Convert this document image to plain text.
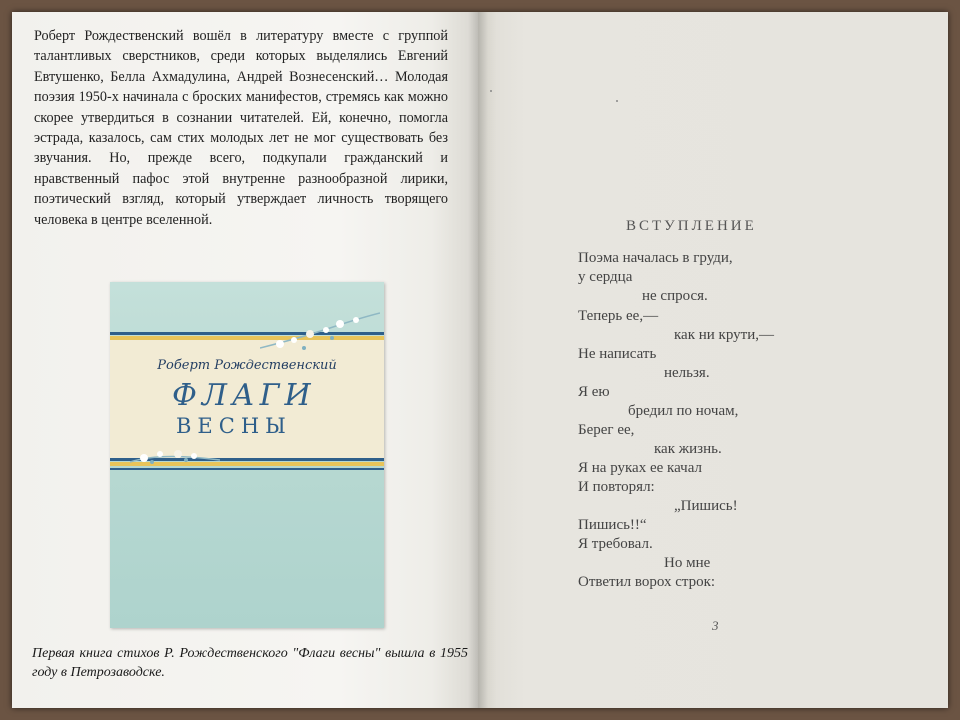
Роберт Рождественский вошёл в литературу вместе с группой талантливых сверстников, среди которых выделялись Евгений Евтушенко, Белла Ахмадулина, Андрей Вознесенский… Молодая поэзия 1950-х начинала с броских манифестов, стремясь как можно скорее утвердиться в сознании читателей. Ей, конечно, помогла эстрада, казалось, сам стих молодых лет не мог существовать без звучания. Но, прежде всего, подкупали гражданский и нравственный пафос этой внутренне разнообразной лирики, поэтический взгляд, который утверждает личность творящего человека в центре вселенной.

Роберт Рождественский
ФЛАГИ
ВЕСНЫ

Первая книга стихов Р. Рождественского "Флаги весны" вышла в 1955 году в Петрозаводске.

ВСТУПЛЕНИЕ
Поэма началась в груди,
у сердца
не спрося.
Теперь ее,—
как ни крути,—
Не написать
нельзя.
Я ею
бредил по ночам,
Берег ее,
как жизнь.
Я на руках ее качал
И повторял:
„Пишись!
Пишись!!“
Я требовал.
Но мне
Ответил ворох строк:
3
